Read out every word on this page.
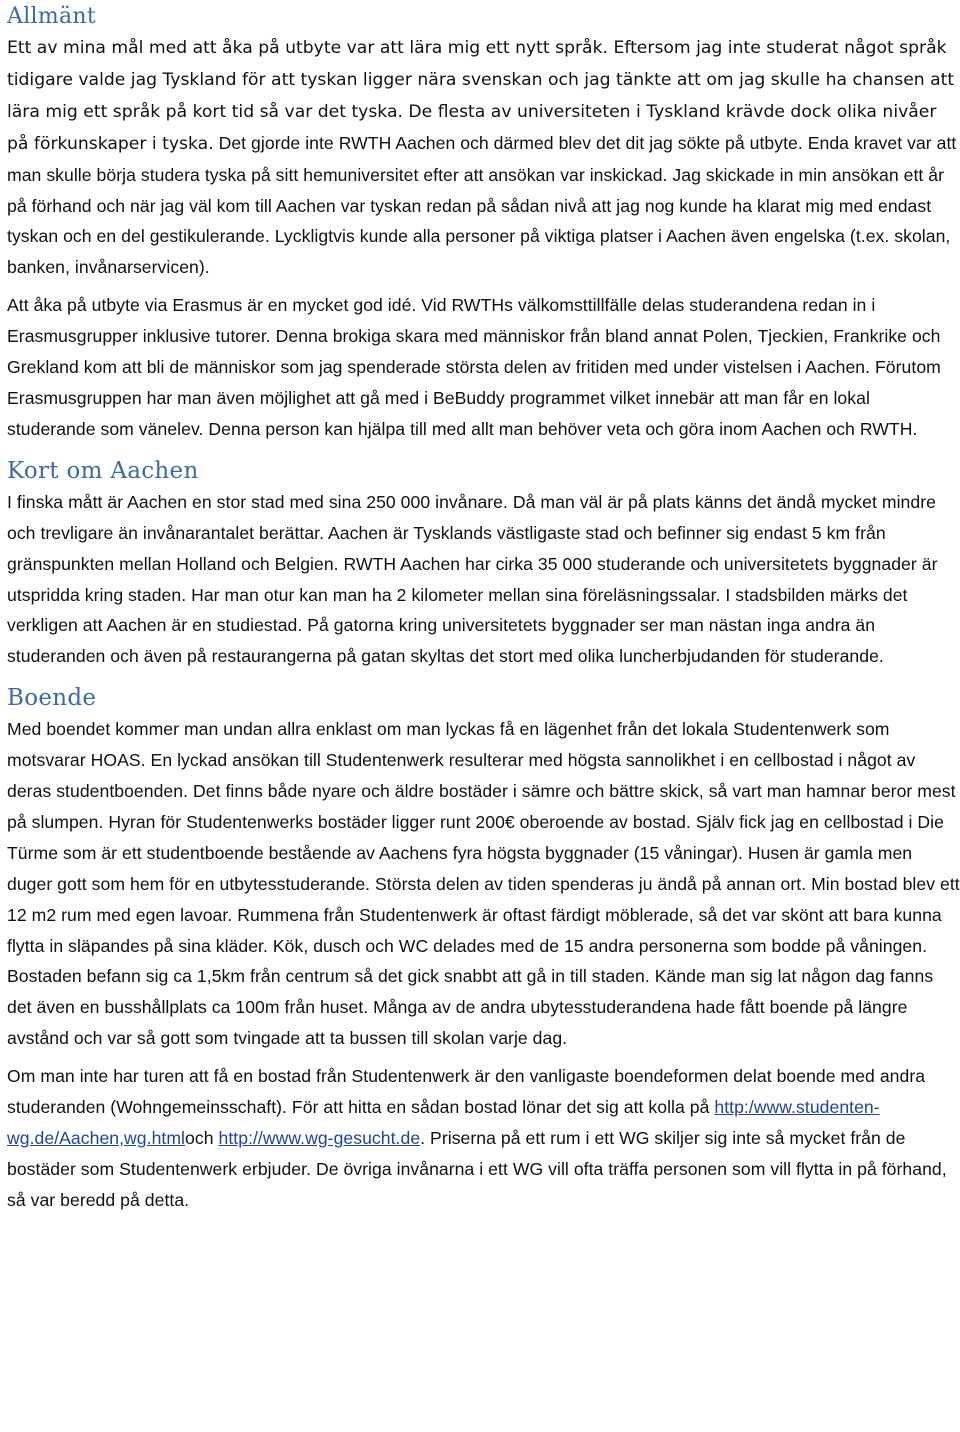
Allmänt

Ett av mina mål med att åka på utbyte var att lära mig ett nytt språk. Eftersom jag inte studerat något språk tidigare valde jag Tyskland för att tyskan ligger nära svenskan och jag tänkte att om jag skulle ha chansen att lära mig ett språk på kort tid så var det tyska. De flesta av universiteten i Tyskland krävde dock olika nivåer på förkunskaper i tyska. Det gjorde inte RWTH Aachen och därmed blev det dit jag sökte på utbyte. Enda kravet var att man skulle börja studera tyska på sitt hemuniversitet efter att ansökan var inskickad. Jag skickade in min ansökan ett år på förhand och när jag väl kom till Aachen var tyskan redan på sådan nivå att jag nog kunde ha klarat mig med endast tyskan och en del gestikulerande. Lyckligtvis kunde alla personer på viktiga platser i Aachen även engelska (t.ex. skolan, banken, invånarservicen).

Att åka på utbyte via Erasmus är en mycket god idé. Vid RWTHs välkomsttillfälle delas studerandena redan in i Erasmusgrupper inklusive tutorer. Denna brokiga skara med människor från bland annat Polen, Tjeckien, Frankrike och Grekland kom att bli de människor som jag spenderade största delen av fritiden med under vistelsen i Aachen. Förutom Erasmusgruppen har man även möjlighet att gå med i BeBuddy programmet vilket innebär att man får en lokal studerande som vänelev. Denna person kan hjälpa till med allt man behöver veta och göra inom Aachen och RWTH.

Kort om Aachen

I finska mått är Aachen en stor stad med sina 250 000 invånare. Då man väl är på plats känns det ändå mycket mindre och trevligare än invånarantalet berättar. Aachen är Tysklands västligaste stad och befinner sig endast 5 km från gränspunkten mellan Holland och Belgien. RWTH Aachen har cirka 35 000 studerande och universitetets byggnader är utspridda kring staden. Har man otur kan man ha 2 kilometer mellan sina föreläsningssalar. I stadsbilden märks det verkligen att Aachen är en studiestad. På gatorna kring universitetets byggnader ser man nästan inga andra än studeranden och även på restaurangerna på gatan skyltas det stort med olika luncherbjudanden för studerande.

Boende

Med boendet kommer man undan allra enklast om man lyckas få en lägenhet från det lokala Studentenwerk som motsvarar HOAS. En lyckad ansökan till Studentenwerk resulterar med högsta sannolikhet i en cellbostad i något av deras studentboenden. Det finns både nyare och äldre bostäder i sämre och bättre skick, så vart man hamnar beror mest på slumpen. Hyran för Studentenwerks bostäder ligger runt 200€ oberoende av bostad. Själv fick jag en cellbostad i Die Türme som är ett studentboende bestående av Aachens fyra högsta byggnader (15 våningar). Husen är gamla men duger gott som hem för en utbytesstuderande. Största delen av tiden spenderas ju ändå på annan ort. Min bostad blev ett 12 m2 rum med egen lavoar. Rummena från Studentenwerk är oftast färdigt möblerade, så det var skönt att bara kunna flytta in släpandes på sina kläder. Kök, dusch och WC delades med de 15 andra personerna som bodde på våningen. Bostaden befann sig ca 1,5km från centrum så det gick snabbt att gå in till staden. Kände man sig lat någon dag fanns det även en busshållplats ca 100m från huset. Många av de andra ubytesstuderandena hade fått boende på längre avstånd och var så gott som tvingade att ta bussen till skolan varje dag.

Om man inte har turen att få en bostad från Studentenwerk är den vanligaste boendeformen delat boende med andra studeranden (Wohngemeinsschaft). För att hitta en sådan bostad lönar det sig att kolla på http:/www.studenten-wg.de/Aachen,wg.htmloch http://www.wg-gesucht.de. Priserna på ett rum i ett WG skiljer sig inte så mycket från de bostäder som Studentenwerk erbjuder. De övriga invånarna i ett WG vill ofta träffa personen som vill flytta in på förhand, så var beredd på detta.
